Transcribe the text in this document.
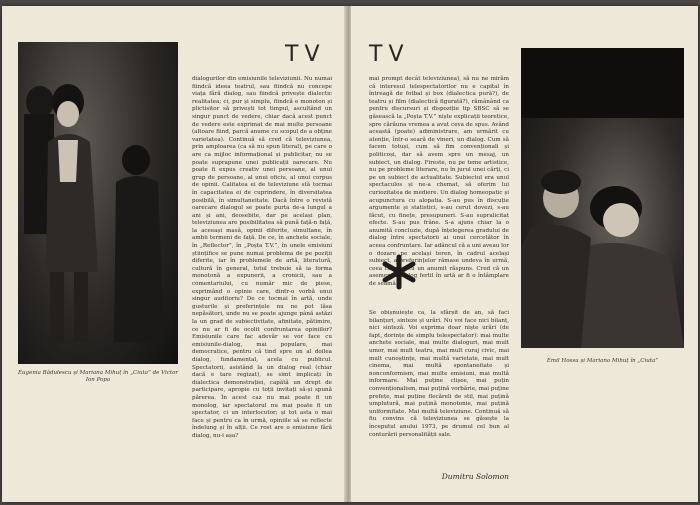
Eugenia Bădulescu și Mariana Mihuț în „Ciuta” de Victor Ion Popa
TV
dialogurilor din emisiunile televiziunii. Nu numai fiindcă ideea teatrul, sau fiindcă nu concepe viața fără dialog, sau fiindcă privește dialectic realitatea; ci, pur și simplu, fiindcă e monoton și plictisitor să privești tot timpul, ascultând un singur punct de vedere, chiar dacă acest punct de vedere este exprimat de mai multe persoane (altoare fiind, parcă anume cu scopul de a obține varietatea). Continuă să cred că televiziunea, prin amploarea (ca să nu spun literal), pe care o are ca mijloc informațional și publicitar, nu se poate suprapune unei publicații oarecare. Nu poate fi expus creativ unei persoane, al unui grup de persoane, al unui oficiu, al unui corpus de opinii. Calitatea ei de televiziune stă tocmai în capacitatea ei de cuprindere, în diversitatea posibilă, în simultaneitate. Dacă între o revistă oarecare dialogul se poate purta de-a lungul a ani și ani, deosebite, dar pe același plan, televiziunea are posibilitatea să pună față-n față, la aceeași masă, opinii diferite, simultane, în ambii termeni de față. De ce, în anchete sociale, în „Reflector”, în „Poșta T.V.”, în unele emisiuni științifice se pune numai problema de pe poziții diferite, iar în problemele de artă, literatură, cultură în general, totul trebuie să ia forma monotonă a expunerii, a cronicii, sau a comentariului, cu număr mic de piese, exprimând o opinie care, dintr-o vorbă unui singur auditoriu? De ce tocmai în artă, unde gusturile și preferințele nu ne pot lăsa nepăsători, unde nu se poate ajunge până astăzi la un grad de subiectivitate, afinitate, pătimire, ce nu ar fi de ocolit confruntarea opiniilor? Emisiunile care fac adevăr se vor face cu emisiunile-dialog, mai populare, mai democratice, pentru că tind spre un al doilea dialog, fundamental, acela cu publicul. Spectatorii, asistând la un dialog real (chiar dacă e tare regizat), se simt implicați în dialectica demonstrației, capătă un drept de participare, apropie cu toții invitați să-și spună părerea. În acest caz nu mai poate fi un monolog, iar spectatorul nu mai poate fi un spectator, ci un interlocutor; și tot asta o mai face și pentru ca în urmă, opiniile să se reflecte îndelung și în alții. Ce rost are o emisiune fără dialog, nu-i așa?
TV
mai prompt decât televiziunea), să nu ne mirăm că interesul telespectatorilor nu e capital în întreagă de fotbal și box (dialectica pură?), de teatru și film (dialectică figurată?), rămânând ca pentru discursuri și dispoziție tip SBSC să se găsească la „Poșta T.V.” niște explicații teoretice, spre cărăuna vremea a avut ceva de spus. Având această (poate) adiministrare, am urmărit cu atenție, într-o seară de vineri, un dialog. Cum să facem totuși, cum să fim convenționali și politicoși, dar să avem spre un mesaj, un subiect, un dialog. Fireste, nu pe teme artistice, nu pe probleme literare, nu în jurul unei cărți, ci pe un subiect de actualitate. Subiectul era unul spectaculos și ne-a chemat, să oferim lui curiozitatea de mediere. Un dialog homeopatic și acupunctura cu alopatia. S-au pus în discuție argumente și statistici, s-au cerut dovezi, s-au făcut, cu finețe, presupuneri. S-au supralicitat efecte. S-au pus frâne. S-a ajuns chiar la o anumită concluzie, după înțelegerea gradului de dialog între spectatorii ai unui cercetător în aceea confruntare. Iar adâncul că a uni aveau lor o dozare pe același teren, în cadrul același subiect, a preferințelor rămase undeva în urmă, ceea ce vine cu un anumit răspuns. Cred că un asemenea dialog fertil în artă ar fi o întâmplare de seamă.
Se obișnuiește ca, la sfârșit de an, să faci bilanțuri, sinteze și urări. Nu voi face nici bilanț, nici sinteză. Voi exprima doar niște urări (de fapt, dorințe de simplu telespectator): mai multe anchete sociale, mai multe dialoguri, mai mult umor, mai mult teatru, mai mult curaj civic, mai mult cunoștințe, mai multă varietate, mai mult cinema, mai multă spontaneitate și nonconformism, mai multe emisiuni, mai multă informare. Mai puține clișee, mai puțin convenționalism, mai puțină vorbărie, mai puține prefețe, mai puține flecăreli de stil, mai puțină umplutură, mai puțină monotonie, mai puțină uniformitate. Mai multă televiziune. Continuă să fiu convins că televiziunea se găsește la începutul anului 1973, pe drumul cel bun al conturării personalității sale.
Dumitru Solomon
Emil Hossu și Mariana Mihuț în „Ciuta”
